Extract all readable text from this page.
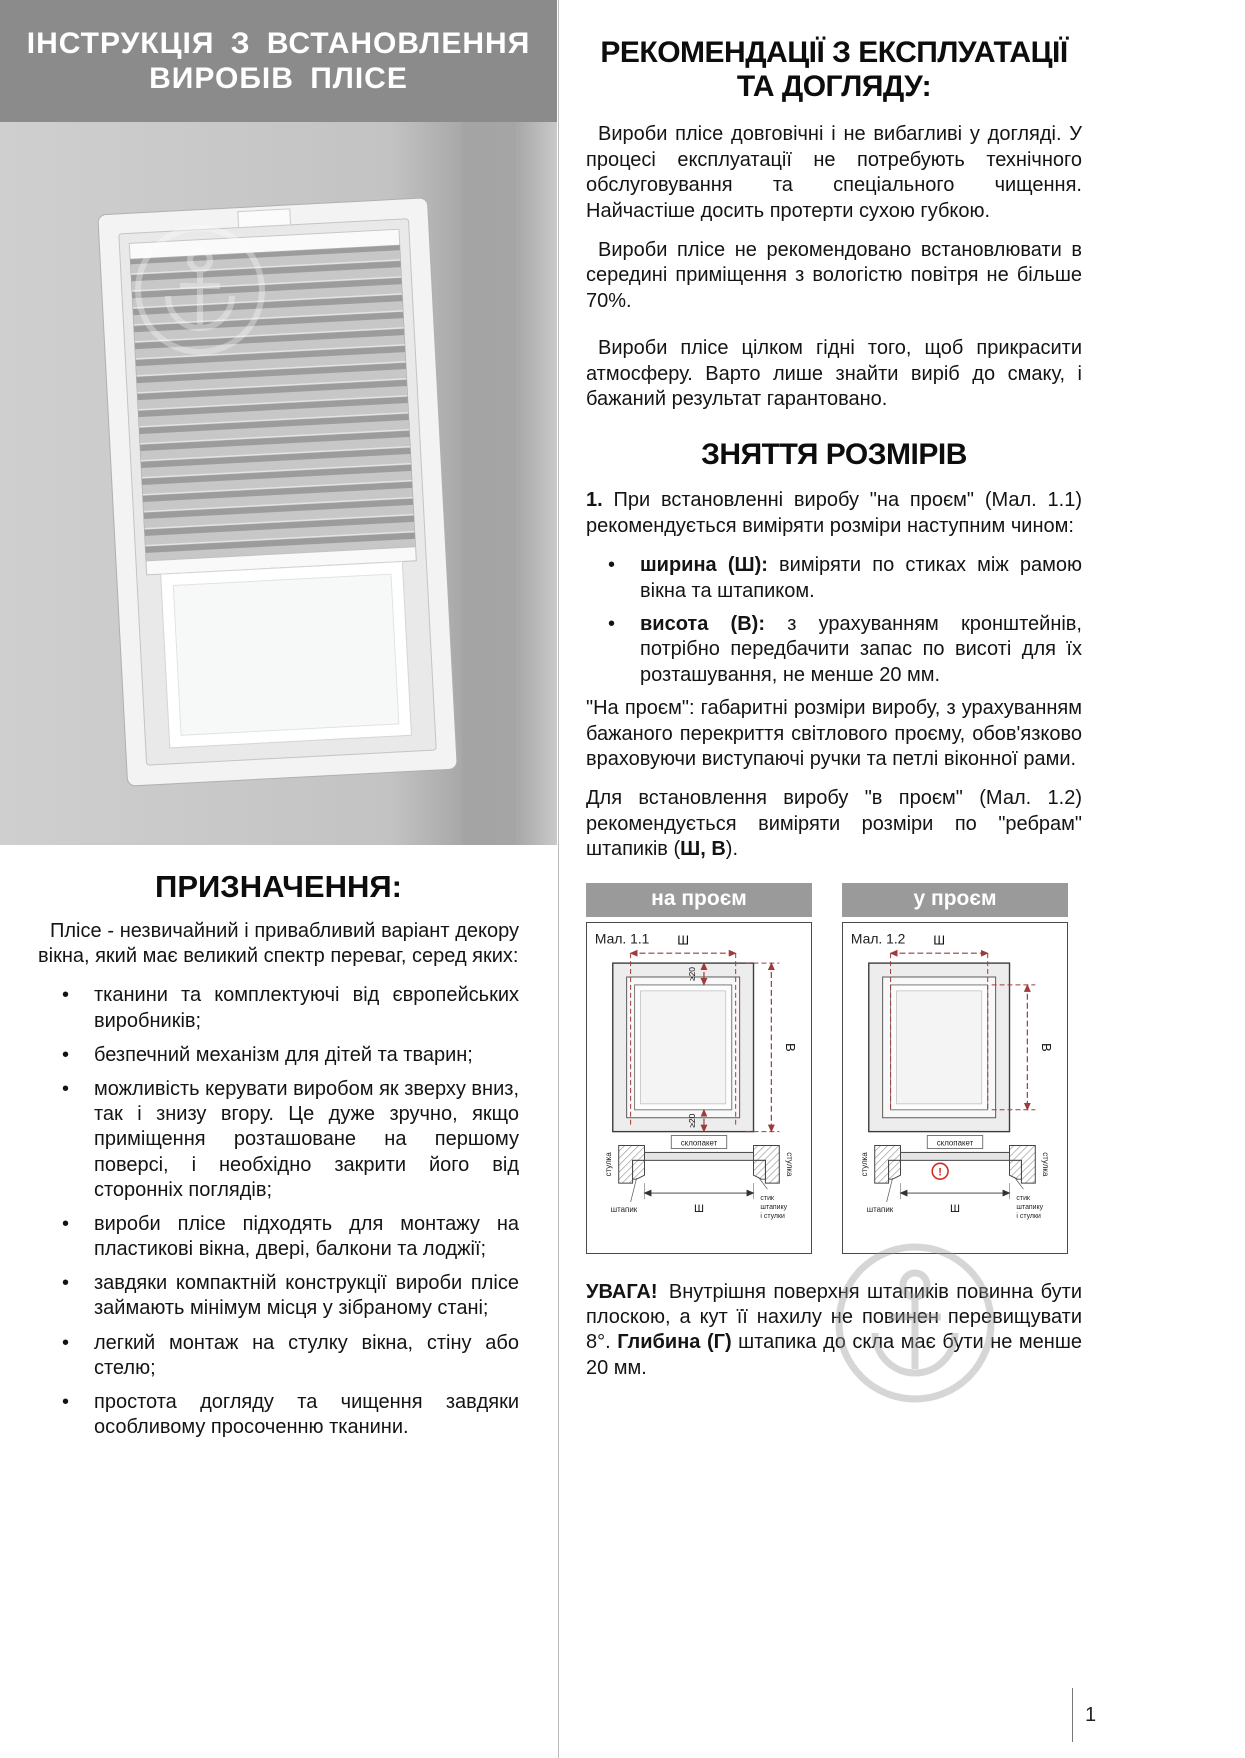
ІНСТРУКЦІЯ З ВСТАНОВЛЕННЯ
ВИРОБІВ ПЛІСЕ
ПРИЗНАЧЕННЯ:

Плісе - незвичайний і привабливий варіант декору вікна, який має великий спектр переваг, серед яких:

• тканини та комплектуючі від європейських виробників;
• безпечний механізм для дітей та тварин;
• можливість керувати виробом як зверху вниз, так і знизу вгору. Це дуже зручно, якщо приміщення розташоване на першому поверсі, і необхідно закрити його від сторонніх поглядів;
• вироби плісе підходять для монтажу на пластикові вікна, двері, балкони та лоджії;
• завдяки компактній конструкції вироби плісе займають мінімум місця у зібраному стані;
• легкий монтаж на стулку вікна, стіну або стелю;
• простота догляду та чищення завдяки особливому просоченню тканини.
РЕКОМЕНДАЦІЇ З ЕКСПЛУАТАЦІЇ
ТА ДОГЛЯДУ:

Вироби плісе довговічні і не вибагливі у догляді. У процесі експлуатації не потребують технічного обслуговування та спеціального чищення. Найчастіше досить протерти сухою губкою.

Вироби плісе не рекомендовано встановлювати в середині приміщення з вологістю повітря не більше 70%.

Вироби плісе цілком гідні того, щоб прикрасити атмосферу. Варто лише знайти виріб до смаку, і бажаний результат гарантовано.

ЗНЯТТЯ РОЗМІРІВ

1. При встановленні виробу "на проєм" (Мал. 1.1) рекомендується виміряти розміри наступним чином:

• ширина (Ш): виміряти по стиках між рамою вікна та штапиком.
• висота (В): з урахуванням кронштейнів, потрібно передбачити запас по висоті для їх розташування, не менше 20 мм.

"На проєм": габаритні розміри виробу, з урахуванням бажаного перекриття світлового проєму, обов'язково враховуючи виступаючі ручки та петлі віконної рами.

Для встановлення виробу "в проєм" (Мал. 1.2) рекомендується виміряти розміри по "ребрам" штапиків (Ш, В).

на проєм
Мал. 1.1 Ш
В
≥20
≥20
склопакет
стулка	стулка
штапик	Ш
стик
штапику
і стулки
у проєм
Мал. 1.2 Ш
В
склопакет
стулка	стулка
штапик	Ш
стик
штапику
і стулки
!

УВАГА! Внутрішня поверхня штапиків повинна бути плоскою, а кут її нахилу не повинен перевищувати 8°. Глибина (Г) штапика до скла має бути не менше 20 мм.

1
